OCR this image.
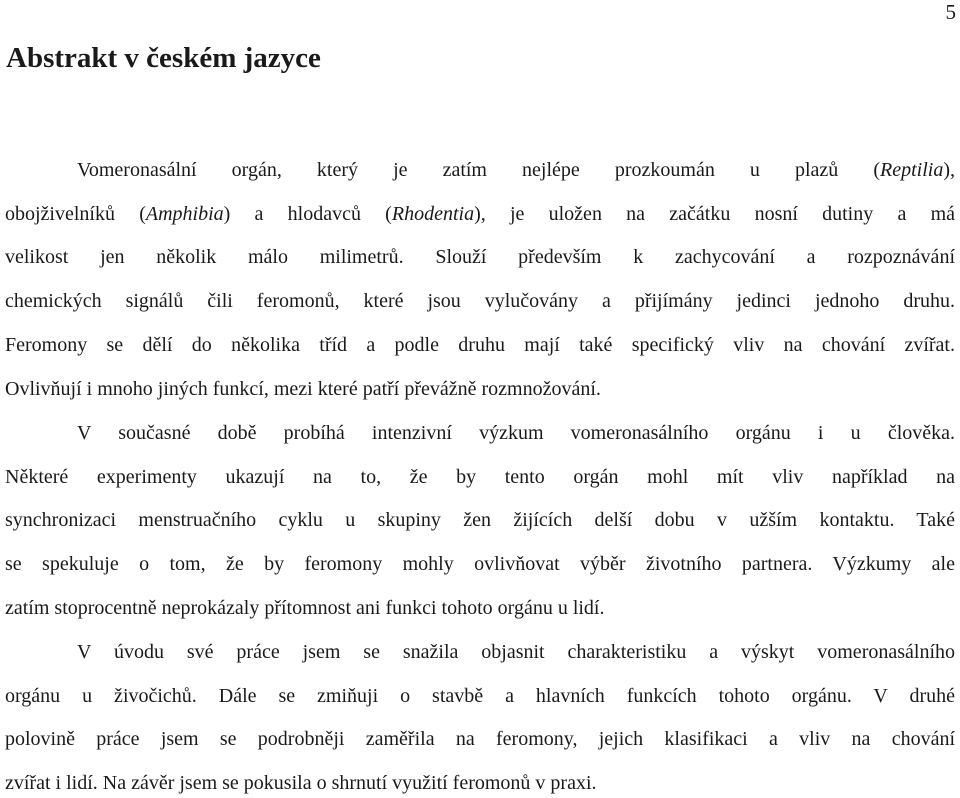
5
Abstrakt v českém jazyce
Vomeronasální orgán, který je zatím nejlépe prozkoumán u plazů (Reptilia),
obojživelníků (Amphibia) a hlodavců (Rhodentia), je uložen na začátku nosní dutiny a má
velikost jen několik málo milimetrů. Slouží především k zachycování a rozpoznávání
chemických signálů čili feromonů, které jsou vylučovány a přijímány jedinci jednoho druhu.
Feromony se dělí do několika tříd a podle druhu mají také specifický vliv na chování zvířat.
Ovlivňují i mnoho jiných funkcí, mezi které patří převážně rozmnožování.
V současné době probíhá intenzivní výzkum vomeronasálního orgánu i u člověka.
Některé experimenty ukazují na to, že by tento orgán mohl mít vliv například na
synchronizaci menstruačního cyklu u skupiny žen žijících delší dobu v užším kontaktu. Také
se spekuluje o tom, že by feromony mohly ovlivňovat výběr životního partnera. Výzkumy ale
zatím stoprocentně neprokázaly přítomnost ani funkci tohoto orgánu u lidí.
V úvodu své práce jsem se snažila objasnit charakteristiku a výskyt vomeronasálního
orgánu u živočichů. Dále se zmiňuji o stavbě a hlavních funkcích tohoto orgánu. V druhé
polovině práce jsem se podrobněji zaměřila na feromony, jejich klasifikaci a vliv na chování
zvířat i lidí. Na závěr jsem se pokusila o shrnutí využití feromonů v praxi.
